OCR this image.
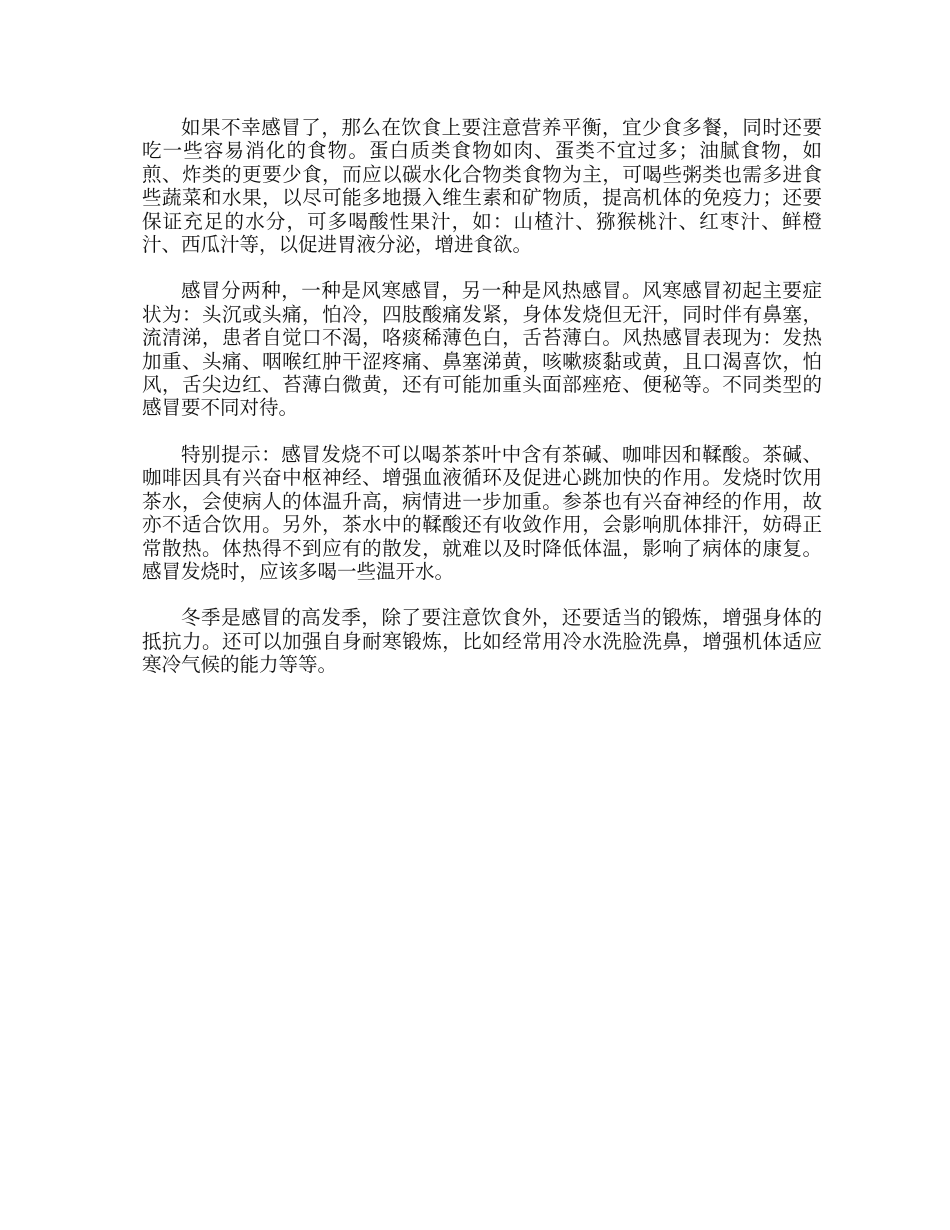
如果不幸感冒了，那么在饮食上要注意营养平衡，宜少食多餐，同时还要吃一些容易消化的食物。蛋白质类食物如肉、蛋类不宜过多；油腻食物，如煎、炸类的更要少食，而应以碳水化合物类食物为主，可喝些粥类也需多进食些蔬菜和水果，以尽可能多地摄入维生素和矿物质，提高机体的免疫力；还要保证充足的水分，可多喝酸性果汁，如：山楂汁、猕猴桃汁、红枣汁、鲜橙汁、西瓜汁等，以促进胃液分泌，增进食欲。

感冒分两种，一种是风寒感冒，另一种是风热感冒。风寒感冒初起主要症状为：头沉或头痛，怕冷，四肢酸痛发紧，身体发烧但无汗，同时伴有鼻塞，流清涕，患者自觉口不渴，咯痰稀薄色白，舌苔薄白。风热感冒表现为：发热加重、头痛、咽喉红肿干涩疼痛、鼻塞涕黄，咳嗽痰黏或黄，且口渴喜饮，怕风，舌尖边红、苔薄白微黄，还有可能加重头面部痤疮、便秘等。不同类型的感冒要不同对待。

特别提示：感冒发烧不可以喝茶茶叶中含有茶碱、咖啡因和鞣酸。茶碱、咖啡因具有兴奋中枢神经、增强血液循环及促进心跳加快的作用。发烧时饮用茶水，会使病人的体温升高，病情进一步加重。参茶也有兴奋神经的作用，故亦不适合饮用。另外，茶水中的鞣酸还有收敛作用，会影响肌体排汗，妨碍正常散热。体热得不到应有的散发，就难以及时降低体温，影响了病体的康复。感冒发烧时，应该多喝一些温开水。

冬季是感冒的高发季，除了要注意饮食外，还要适当的锻炼，增强身体的抵抗力。还可以加强自身耐寒锻炼，比如经常用冷水洗脸洗鼻，增强机体适应寒冷气候的能力等等。
